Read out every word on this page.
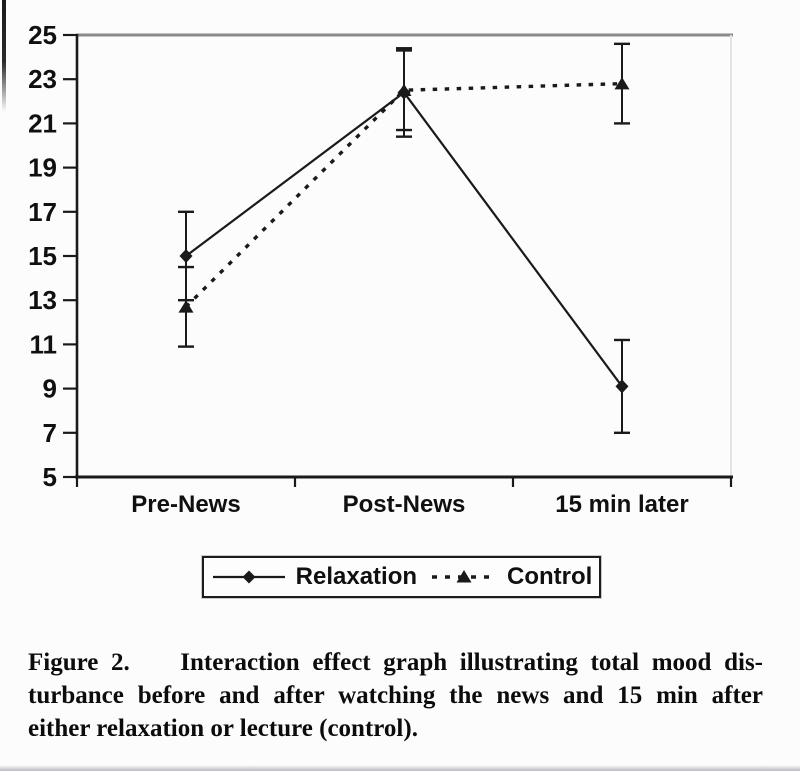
25
23
21
19
17
15
13
11
9
7
5
Pre-News	Post-News	15 min later
Relaxation	Control
Figure 2.    Interaction effect graph illustrating total mood dis-
turbance before and after watching the news and 15 min after
either relaxation or lecture (control).
